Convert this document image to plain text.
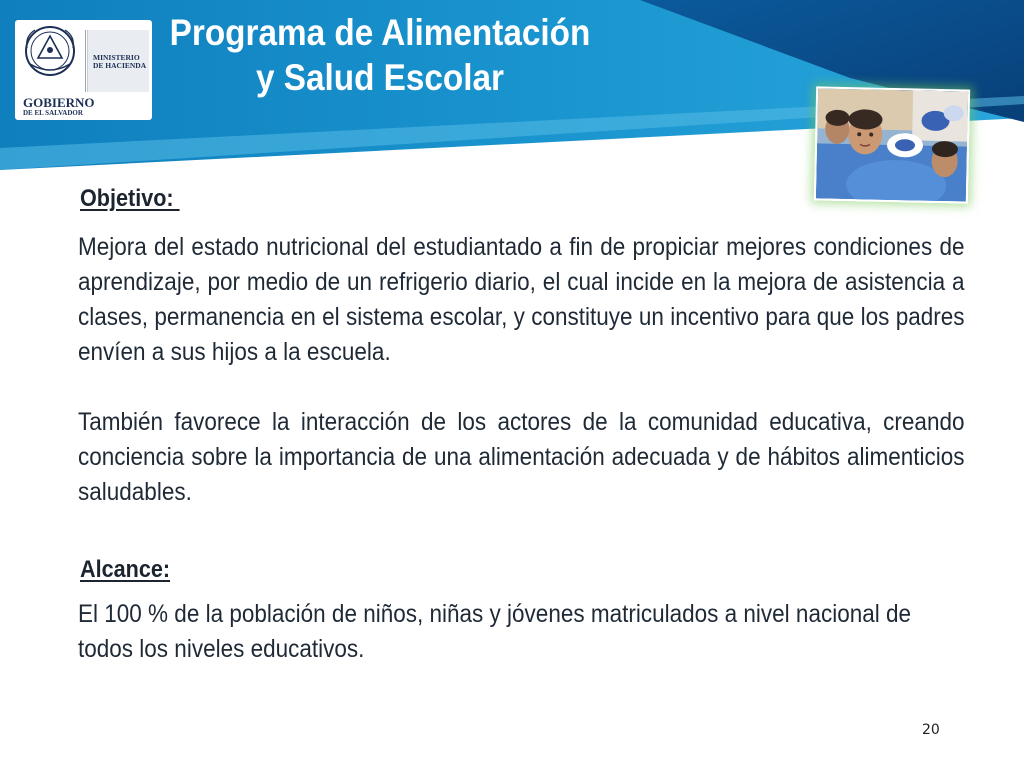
MINISTERIO
DE HACIENDA
GOBIERNO
DE EL SALVADOR
Programa de Alimentación
y Salud Escolar
Objetivo:
Mejora del estado nutricional del estudiantado a fin de propiciar mejores condiciones de aprendizaje, por medio de un refrigerio diario, el cual incide en la mejora de asistencia a clases, permanencia en el sistema escolar, y constituye un incentivo para que los padres envíen a sus hijos a la escuela.
También favorece la interacción de los actores de la comunidad educativa, creando conciencia sobre la importancia de una alimentación adecuada y de hábitos alimenticios saludables.
Alcance:
El 100 % de la población de niños, niñas y jóvenes matriculados a nivel nacional de todos los niveles educativos.
20
